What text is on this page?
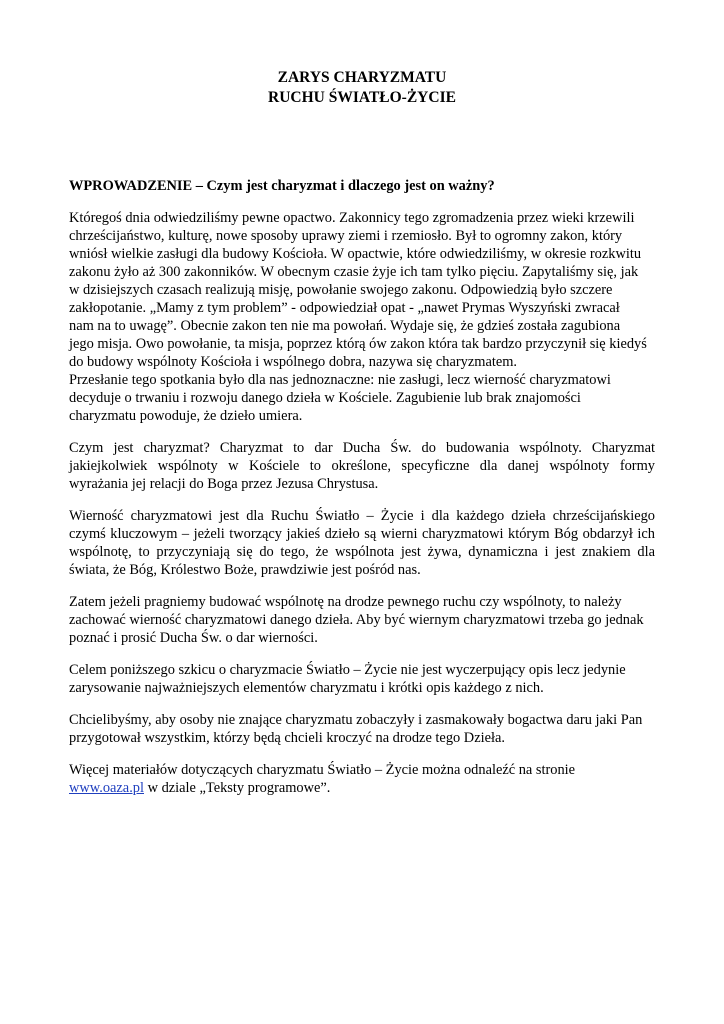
ZARYS CHARYZMATU
RUCHU ŚWIATŁO-ŻYCIE
WPROWADZENIE – Czym jest charyzmat i dlaczego jest on ważny?
Któregoś dnia odwiedziliśmy pewne opactwo. Zakonnicy tego zgromadzenia przez wieki krzewili
chrześcijaństwo, kulturę, nowe sposoby uprawy ziemi i rzemiosło. Był to ogromny zakon, który
wniósł wielkie zasługi dla budowy Kościoła. W opactwie, które odwiedziliśmy, w okresie rozkwitu
zakonu żyło aż 300 zakonników. W obecnym czasie żyje ich tam tylko pięciu. Zapytaliśmy się, jak
w dzisiejszych czasach realizują misję, powołanie swojego zakonu. Odpowiedzią było szczere
zakłopotanie. „Mamy z tym problem” - odpowiedział opat - „nawet Prymas Wyszyński zwracał
nam na to uwagę”. Obecnie zakon ten nie ma powołań. Wydaje się, że gdzieś została zagubiona
jego misja. Owo powołanie, ta misja, poprzez którą ów zakon która tak bardzo przyczynił się kiedyś
do budowy wspólnoty Kościoła i wspólnego dobra, nazywa się charyzmatem.
Przesłanie tego spotkania było dla nas jednoznaczne: nie zasługi, lecz wierność charyzmatowi
decyduje o trwaniu i rozwoju danego dzieła w Kościele. Zagubienie lub brak znajomości
charyzmatu powoduje, że dzieło umiera.
Czym jest charyzmat? Charyzmat to dar Ducha Św. do budowania wspólnoty. Charyzmat
jakiejkolwiek wspólnoty w Kościele to określone, specyficzne dla danej wspólnoty formy
wyrażania jej relacji do Boga przez Jezusa Chrystusa.
Wierność charyzmatowi jest dla Ruchu Światło – Życie i dla każdego dzieła chrześcijańskiego
czymś kluczowym – jeżeli tworzący jakieś dzieło są wierni charyzmatowi którym Bóg obdarzył ich
wspólnotę, to przyczyniają się do tego, że wspólnota jest żywa, dynamiczna i jest znakiem dla
świata, że Bóg, Królestwo Boże, prawdziwie jest pośród nas.
Zatem jeżeli pragniemy budować wspólnotę na drodze pewnego ruchu czy wspólnoty, to należy
zachować wierność charyzmatowi danego dzieła. Aby być wiernym charyzmatowi trzeba go jednak
poznać i prosić Ducha Św. o dar wierności.
Celem poniższego szkicu o charyzmacie Światło – Życie nie jest wyczerpujący opis lecz jedynie
zarysowanie najważniejszych elementów charyzmatu i krótki opis każdego z nich.
Chcielibyśmy, aby osoby nie znające charyzmatu zobaczyły i zasmakowały bogactwa daru jaki Pan
przygotował wszystkim, którzy będą chcieli kroczyć na drodze tego Dzieła.
Więcej materiałów dotyczących charyzmatu Światło – Życie można odnaleźć na stronie
www.oaza.pl w dziale „Teksty programowe”.
